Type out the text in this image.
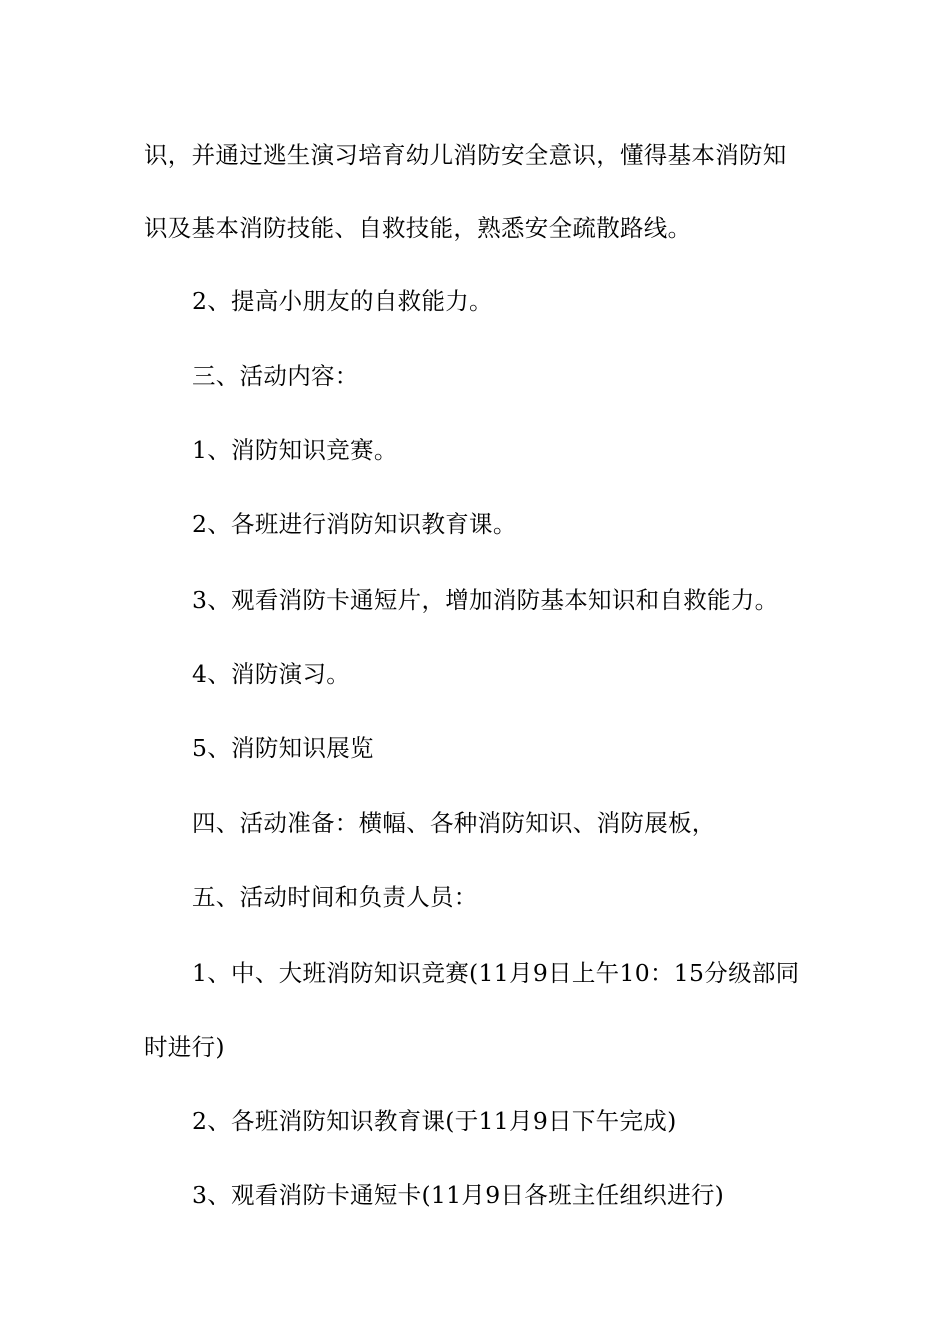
识，并通过逃生演习培育幼儿消防安全意识，懂得基本消防知
识及基本消防技能、自救技能，熟悉安全疏散路线。
2、提高小朋友的自救能力。
三、活动内容：
1、消防知识竞赛。
2、各班进行消防知识教育课。
3、观看消防卡通短片，增加消防基本知识和自救能力。
4、消防演习。
5、消防知识展览
四、活动准备：横幅、各种消防知识、消防展板，
五、活动时间和负责人员：
1、中、大班消防知识竞赛(11月9日上午10：15分级部同
时进行)
2、各班消防知识教育课(于11月9日下午完成)
3、观看消防卡通短卡(11月9日各班主任组织进行)
